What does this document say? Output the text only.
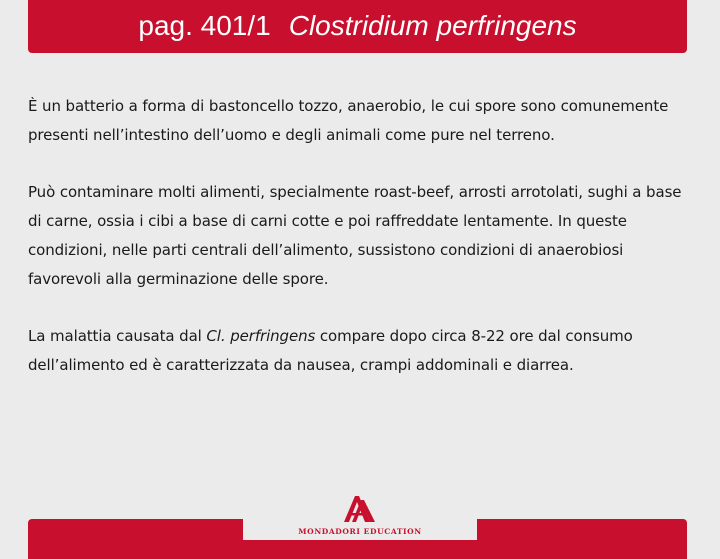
pag. 401/1 Clostridium perfringens

È un batterio a forma di bastoncello tozzo, anaerobio, le cui spore sono comunemente presenti nell’intestino dell’uomo e degli animali come pure nel terreno.

Può contaminare molti alimenti, specialmente roast-beef, arrosti arrotolati, sughi a base di carne, ossia i cibi a base di carni cotte e poi raffreddate lentamente. In queste condizioni, nelle parti centrali dell’alimento, sussistono condizioni di anaerobiosi favorevoli alla germinazione delle spore.

La malattia causata dal Cl. perfringens compare dopo circa 8-22 ore dal consumo dell’alimento ed è caratterizzata da nausea, crampi addominali e diarrea.

MONDADORI EDUCATION
